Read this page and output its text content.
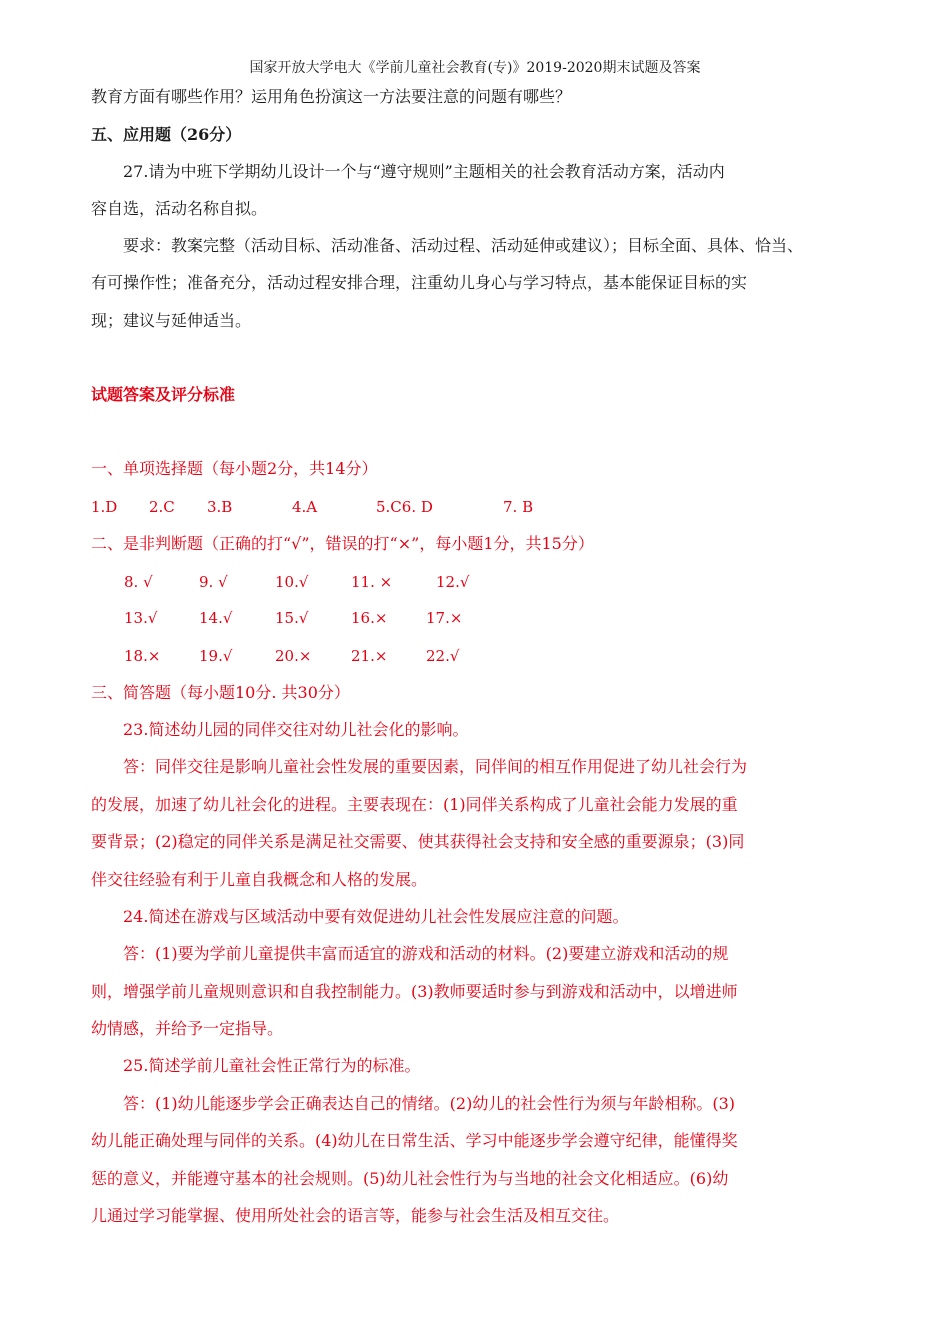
国家开放大学电大《学前儿童社会教育(专)》2019-2020期末试题及答案
教育方面有哪些作用？运用角色扮演这一方法要注意的问题有哪些？
五、应用题（26分）
27.请为中班下学期幼儿设计一个与“遵守规则”主题相关的社会教育活动方案，活动内
容自选，活动名称自拟。
要求：教案完整（活动目标、活动准备、活动过程、活动延伸或建议）；目标全面、具体、恰当、
有可操作性；准备充分，活动过程安排合理，注重幼儿身心与学习特点，基本能保证目标的实
现；建议与延伸适当。
试题答案及评分标准
一、单项选择题（每小题2分，共14分）
1.D 2.C 3.B	4.A	5.C6. D	7. B
二、是非判断题（正确的打“√”，错误的打“×”，每小题1分，共15分）
8. √	9. √	10.√	11. ×	12.√
13.√	14.√	15.√	16.×	17.×
18.×	19.√	20.×	21.×	22.√
三、简答题（每小题10分. 共30分）
23.简述幼儿园的同伴交往对幼儿社会化的影响。
答：同伴交往是影响儿童社会性发展的重要因素，同伴间的相互作用促进了幼儿社会行为
的发展，加速了幼儿社会化的进程。主要表现在：(1)同伴关系构成了儿童社会能力发展的重
要背景；(2)稳定的同伴关系是满足社交需要、使其获得社会支持和安全感的重要源泉；(3)同
伴交往经验有利于儿童自我概念和人格的发展。
24.简述在游戏与区域活动中要有效促进幼儿社会性发展应注意的问题。
答：(1)要为学前儿童提供丰富而适宜的游戏和活动的材料。(2)要建立游戏和活动的规
则，增强学前儿童规则意识和自我控制能力。(3)教师要适时参与到游戏和活动中，以增进师
幼情感，并给予一定指导。
25.简述学前儿童社会性正常行为的标准。
答：(1)幼儿能逐步学会正确表达自己的情绪。(2)幼儿的社会性行为须与年龄相称。(3)
幼儿能正确处理与同伴的关系。(4)幼儿在日常生活、学习中能逐步学会遵守纪律，能懂得奖
惩的意义，并能遵守基本的社会规则。(5)幼儿社会性行为与当地的社会文化相适应。(6)幼
儿通过学习能掌握、使用所处社会的语言等，能参与社会生活及相互交往。
